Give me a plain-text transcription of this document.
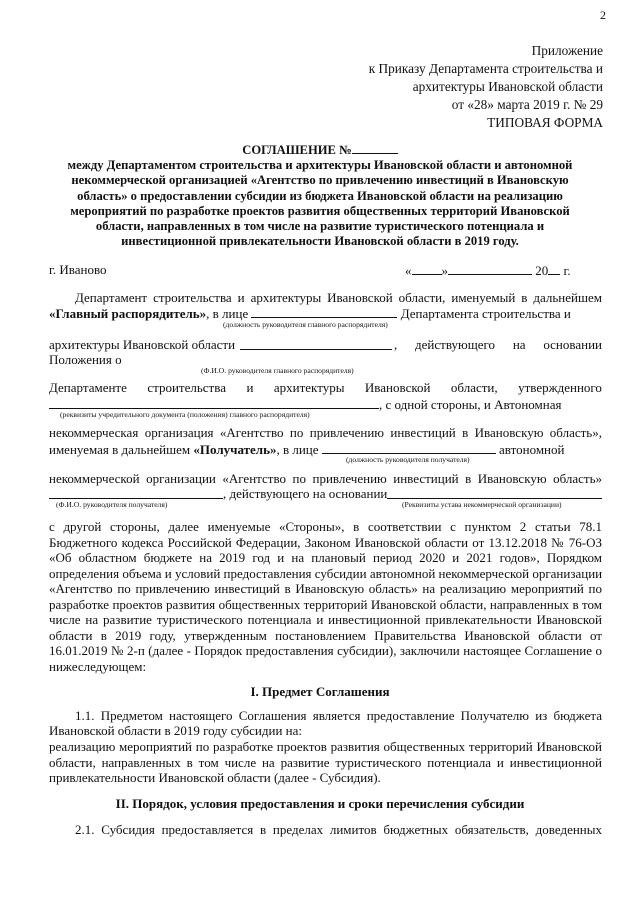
2
Приложение
к Приказу Департамента строительства и
архитектуры Ивановской области
от «28» марта 2019 г. № 29
ТИПОВАЯ ФОРМА
СОГЛАШЕНИЕ №
между Департаментом строительства и архитектуры Ивановской области и автономной
некоммерческой организацией «Агентство по привлечению инвестиций в Ивановскую
область» о предоставлении субсидии из бюджета Ивановской области на реализацию
мероприятий по разработке проектов развития общественных территорий Ивановской
области, направленных в том числе на развитие туристического потенциала и
инвестиционной привлекательности Ивановской области в 2019 году.
г. Иваново	« »	20 г.
Департамент строительства и архитектуры Ивановской области, именуемый в дальнейшем
«Главный распорядитель», в лице	Департамента строительства и
(должность руководителя главного распорядителя)
архитектуры Ивановской области
	, действующего на основании
Положения о
(Ф.И.О. руководителя главного распорядителя)
Департаменте строительства и архитектуры Ивановской области, утвержденного
, с одной стороны, и Автономная
(реквизиты учредительного документа (положения) главного распорядителя)
некоммерческая организация «Агентство по привлечению инвестиций в Ивановскую область»,
именуемая в дальнейшем «Получатель», в лице	автономной
(должность руководителя получателя)
некоммерческой организации «Агентство по привлечению инвестиций в Ивановскую область»
, действующего на основании
(Ф.И.О. руководителя получателя)	(Реквизиты устава некоммерческой организации)
с другой стороны, далее именуемые «Стороны», в соответствии с пунктом 2 статьи 78.1
Бюджетного кодекса Российской Федерации, Законом Ивановской области от 13.12.2018 № 76-ОЗ
«Об областном бюджете на 2019 год и на плановый период 2020 и 2021 годов», Порядком
определения объема и условий предоставления субсидии автономной некоммерческой организации
«Агентство по привлечению инвестиций в Ивановскую область» на реализацию мероприятий по
разработке проектов развития общественных территорий Ивановской области, направленных в том
числе на развитие туристического потенциала и инвестиционной привлекательности Ивановской
области в 2019 году, утвержденным постановлением Правительства Ивановской области от
16.01.2019 № 2-п (далее - Порядок предоставления субсидии), заключили настоящее Соглашение о
нижеследующем:
I. Предмет Соглашения
1.1. Предметом настоящего Соглашения является предоставление Получателю из бюджета
Ивановской области в 2019 году субсидии на:
реализацию мероприятий по разработке проектов развития общественных территорий Ивановской
области, направленных в том числе на развитие туристического потенциала и инвестиционной
привлекательности Ивановской области (далее - Субсидия).
II. Порядок, условия предоставления и сроки перечисления субсидии
2.1. Субсидия предоставляется в пределах лимитов бюджетных обязательств, доведенных
